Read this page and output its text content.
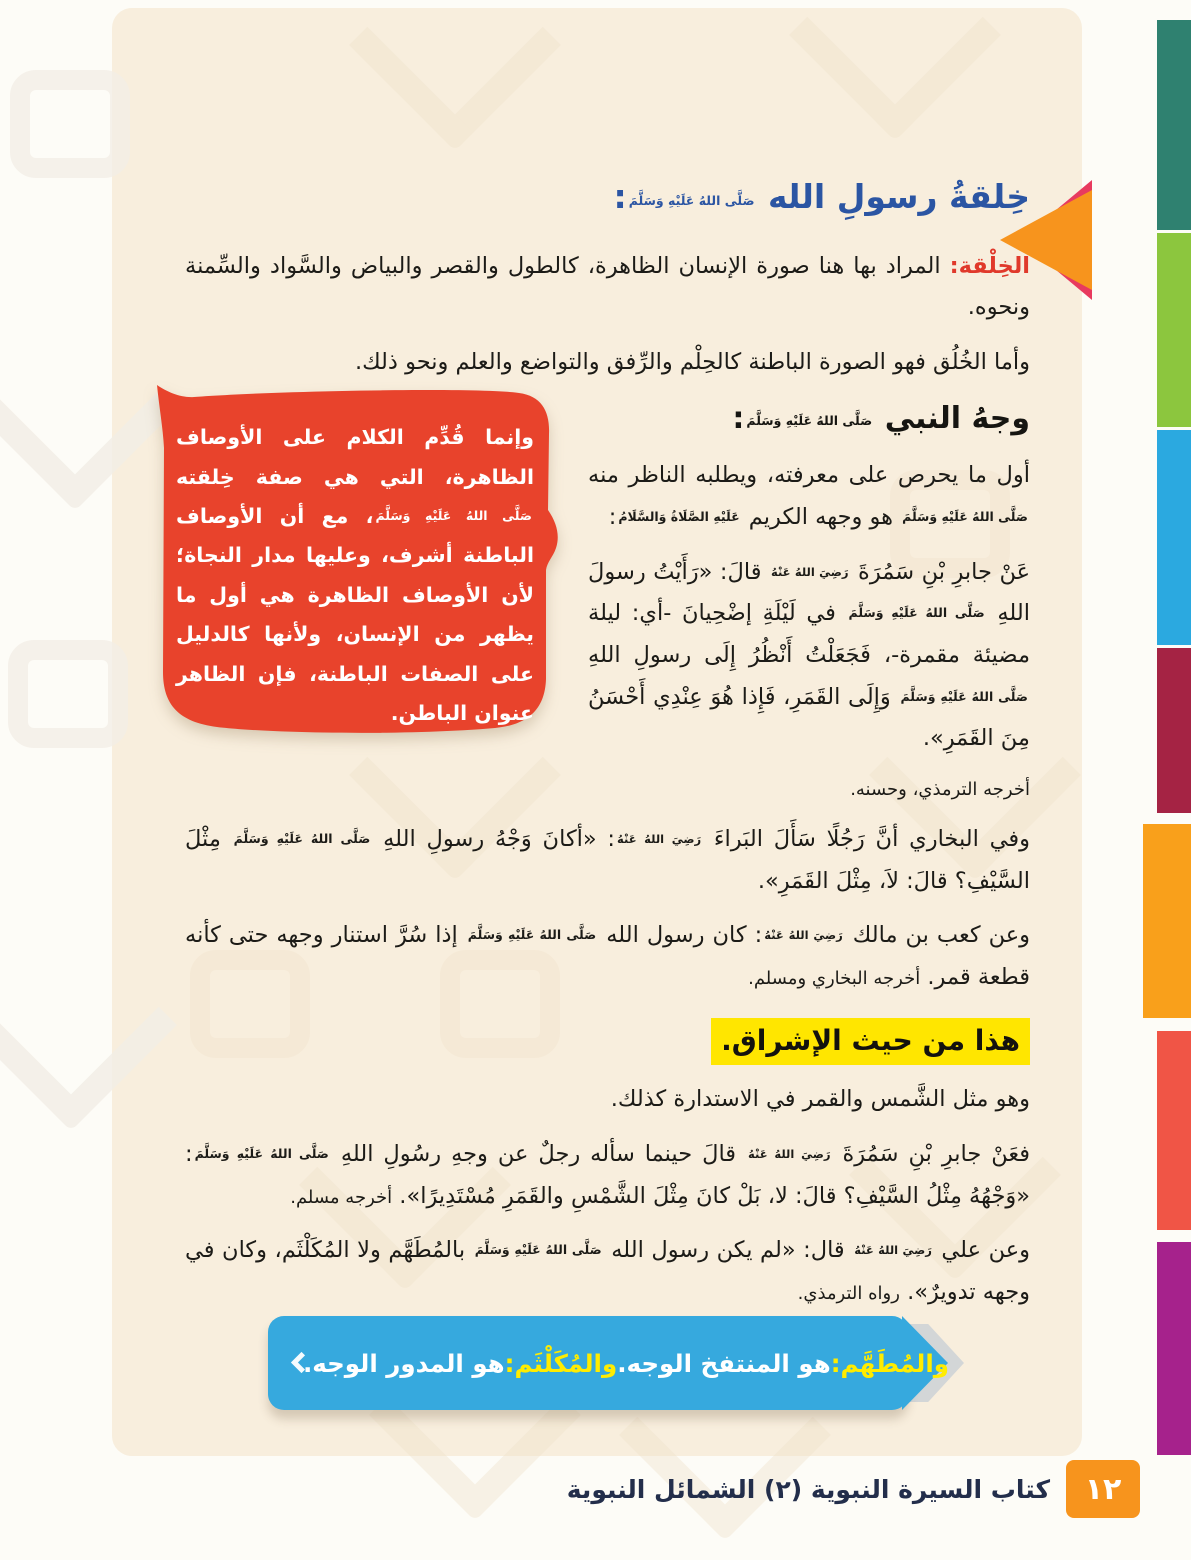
خِلقةُ رسولِ الله صَلَّى اللهُ عَلَيْهِ وَسَلَّمَ:

الخِلْقة: المراد بها هنا صورة الإنسان الظاهرة، كالطول والقصر والبياض والسَّواد والسِّمنة ونحوه.

وأما الخُلُق فهو الصورة الباطنة كالحِلْم والرِّفق والتواضع والعلم ونحو ذلك.

وإنما قُدِّم الكلام على الأوصاف الظاهرة، التي هي صفة خِلقته صَلَّى اللهُ عَلَيْهِ وَسَلَّمَ، مع أن الأوصاف الباطنة أشرف، وعليها مدار النجاة؛ لأن الأوصاف الظاهرة هي أول ما يظهر من الإنسان، ولأنها كالدليل على الصفات الباطنة، فإن الظاهر عنوان الباطن.
وجهُ النبي صَلَّى اللهُ عَلَيْهِ وَسَلَّمَ:

أول ما يحرص على معرفته، ويطلبه الناظر منه صَلَّى اللهُ عَلَيْهِ وَسَلَّمَ هو وجهه الكريم عَلَيْهِ الصَّلَاةُ وَالسَّلَامُ:

عَنْ جابرِ بْنِ سَمُرَةَ رَضِيَ اللهُ عَنْهُ قالَ: «رَأَيْتُ رسولَ اللهِ صَلَّى اللهُ عَلَيْهِ وَسَلَّمَ في لَيْلَةِ إضْحِيانَ -أي: ليلة مضيئة مقمرة-، فَجَعَلْتُ أَنْظُرُ إِلَى رسولِ اللهِ صَلَّى اللهُ عَلَيْهِ وَسَلَّمَ وَإِلَى القَمَرِ، فَإِذا هُوَ عِنْدِي أَحْسَنُ مِنَ القَمَرِ».

أخرجه الترمذي، وحسنه.

وفي البخاري أنَّ رَجُلًا سَأَلَ البَراءَ رَضِيَ اللهُ عَنْهُ: «أكانَ وَجْهُ رسولِ اللهِ صَلَّى اللهُ عَلَيْهِ وَسَلَّمَ مِثْلَ السَّيْفِ؟ قالَ: لاَ، مِثْلَ القَمَرِ».

وعن كعب بن مالك رَضِيَ اللهُ عَنْهُ: كان رسول الله صَلَّى اللهُ عَلَيْهِ وَسَلَّمَ إذا سُرَّ استنار وجهه حتى كأنه قطعة قمر. أخرجه البخاري ومسلم.

هذا من حيث الإشراق.

وهو مثل الشَّمس والقمر في الاستدارة كذلك.

فعَنْ جابرِ بْنِ سَمُرَةَ رَضِيَ اللهُ عَنْهُ قالَ حينما سأله رجلٌ عن وجهِ رسُولِ اللهِ صَلَّى اللهُ عَلَيْهِ وَسَلَّمَ: «وَجْهُهُ مِثْلُ السَّيْفِ؟ قالَ: لا، بَلْ كانَ مِثْلَ الشَّمْسِ والقَمَرِ مُسْتَدِيرًا». أخرجه مسلم.

وعن علي رَضِيَ اللهُ عَنْهُ قال: «لم يكن رسول الله صَلَّى اللهُ عَلَيْهِ وَسَلَّمَ بالمُطَهَّم ولا المُكَلْثَم، وكان في وجهه تدويرٌ». رواه الترمذي.

والمُطَهَّم:
هو المنتفخ الوجه.
والمُكَلْثَم:
هو المدور الوجه.
١٢
كتاب السيرة النبوية (٢) الشمائل النبوية
